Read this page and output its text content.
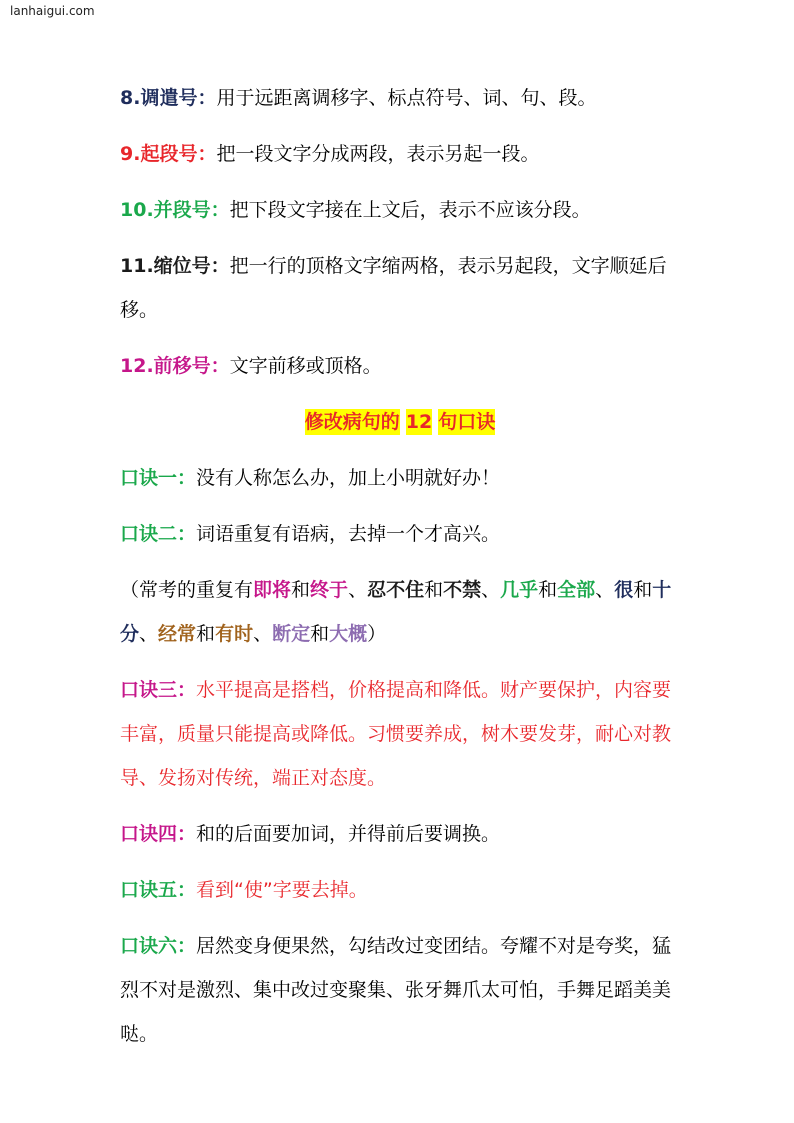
lanhaigui.com

8.调遣号：用于远距离调移字、标点符号、词、句、段。

9.起段号：把一段文字分成两段，表示另起一段。

10.并段号：把下段文字接在上文后，表示不应该分段。

11.缩位号：把一行的顶格文字缩两格，表示另起段，文字顺延后移。

12.前移号：文字前移或顶格。

修改病句的 12 句口诀

口诀一：没有人称怎么办，加上小明就好办！

口诀二：词语重复有语病，去掉一个才高兴。

（常考的重复有即将和终于、忍不住和不禁、几乎和全部、很和十分、经常和有时、断定和大概）

口诀三：水平提高是搭档，价格提高和降低。财产要保护，内容要丰富，质量只能提高或降低。习惯要养成，树木要发芽，耐心对教导、发扬对传统，端正对态度。

口诀四：和的后面要加词，并得前后要调换。

口诀五：看到“使”字要去掉。

口诀六：居然变身便果然，勾结改过变团结。夸耀不对是夸奖，猛烈不对是激烈、集中改过变聚集、张牙舞爪太可怕，手舞足蹈美美哒。
